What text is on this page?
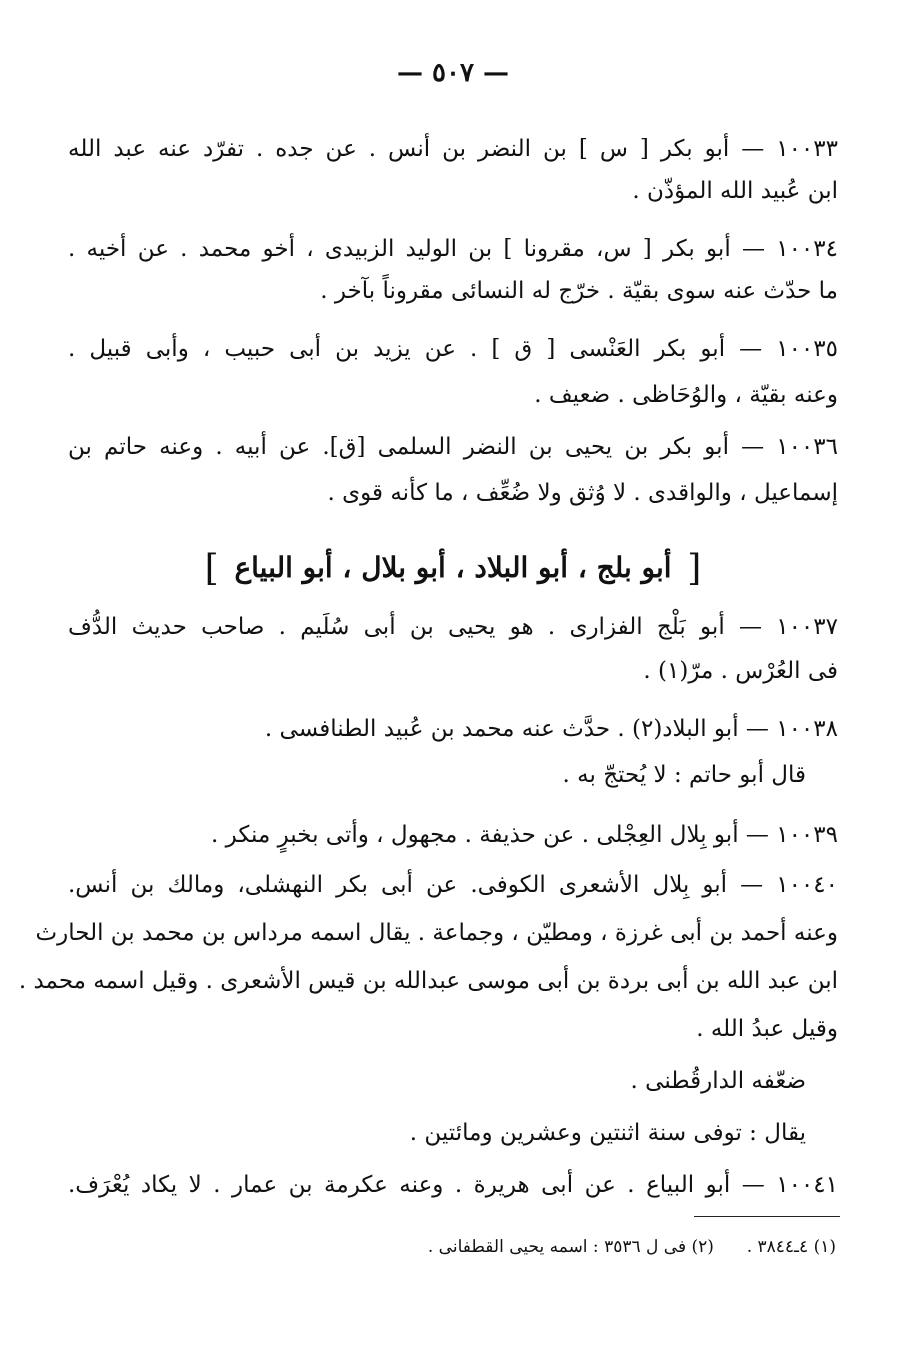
— ٥٠٧ —
١٠٠٣٣ — أبو بكر [ س ] بن النضر بن أنس . عن جده . تفرّد عنه عبد الله
ابن عُبيد الله المؤذّن .
١٠٠٣٤ — أبو بكر [ س، مقرونا ] بن الوليد الزبيدى ، أخو محمد . عن أخيه .
ما حدّث عنه سوى بقيّة . خرّج له النسائى مقروناً بآخر .
١٠٠٣٥ — أبو بكر العَنْسى [ ق ] . عن يزيد بن أبى حبيب ، وأبى قبيل .
وعنه بقيّة ، والوُحَاظى . ضعيف .
١٠٠٣٦ — أبو بكر بن يحيى بن النضر السلمى [ق]. عن أبيه . وعنه حاتم بن
إسماعيل ، والواقدى . لا وُثق ولا ضُعِّف ، ما كأنه قوى .
[ أبو بلج ، أبو البلاد ، أبو بلال ، أبو البياع ]
١٠٠٣٧ — أبو بَلْج الفزارى . هو يحيى بن أبى سُلَيم . صاحب حديث الدُّف
فى العُرْس . مرّ(١) .
١٠٠٣٨ — أبو البلاد(٢) . حدَّث عنه محمد بن عُبيد الطنافسى .
قال أبو حاتم : لا يُحتجّ به .
١٠٠٣٩ — أبو بِلال العِجْلى . عن حذيفة . مجهول ، وأتى بخبرٍ منكر .
١٠٠٤٠ — أبو بِلال الأشعرى الكوفى. عن أبى بكر النهشلى، ومالك بن أنس.
وعنه أحمد بن أبى غرزة ، ومطيّن ، وجماعة . يقال اسمه مرداس بن محمد بن الحارث
ابن عبد الله بن أبى بردة بن أبى موسى عبدالله بن قيس الأشعرى . وقيل اسمه محمد .
وقيل عبدُ الله .
ضعّفه الدارقُطنى .
يقال : توفى سنة اثنتين وعشرين ومائتين .
١٠٠٤١ — أبو البياع . عن أبى هريرة . وعنه عكرمة بن عمار . لا يكاد يُعْرَف.
(١) ٤ـ٣٨٤٤ .  (٢) فى ل ٣٥٣٦ : اسمه يحيى القطفانى .
